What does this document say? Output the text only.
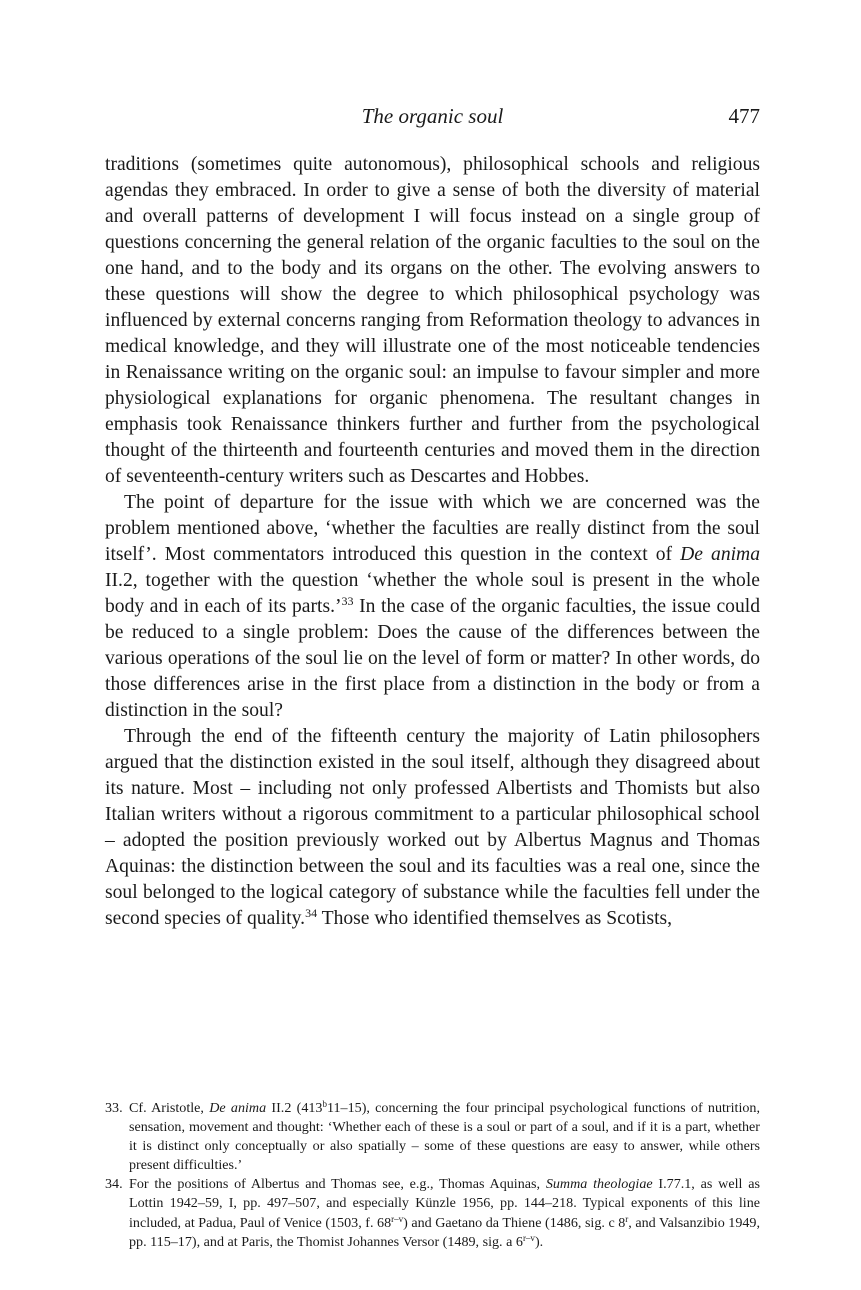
The organic soul	477

traditions (sometimes quite autonomous), philosophical schools and religious agendas they embraced. In order to give a sense of both the diversity of material and overall patterns of development I will focus instead on a single group of questions concerning the general relation of the organic faculties to the soul on the one hand, and to the body and its organs on the other. The evolving answers to these questions will show the degree to which philosophical psychology was influenced by external concerns ranging from Reformation theology to advances in medical knowledge, and they will illustrate one of the most noticeable tendencies in Renaissance writing on the organic soul: an impulse to favour simpler and more physiological explanations for organic phenomena. The resultant changes in emphasis took Renaissance thinkers further and further from the psychological thought of the thirteenth and fourteenth centuries and moved them in the direction of seventeenth-century writers such as Descartes and Hobbes.

The point of departure for the issue with which we are concerned was the problem mentioned above, ‘whether the faculties are really distinct from the soul itself’. Most commentators introduced this question in the context of De anima II.2, together with the question ‘whether the whole soul is present in the whole body and in each of its parts.’$^{33}$ In the case of the organic faculties, the issue could be reduced to a single problem: Does the cause of the differences between the various operations of the soul lie on the level of form or matter? In other words, do those differences arise in the first place from a distinction in the body or from a distinction in the soul?

Through the end of the fifteenth century the majority of Latin philosophers argued that the distinction existed in the soul itself, although they disagreed about its nature. Most – including not only professed Albertists and Thomists but also Italian writers without a rigorous commitment to a particular philosophical school – adopted the position previously worked out by Albertus Magnus and Thomas Aquinas: the distinction between the soul and its faculties was a real one, since the soul belonged to the logical category of substance while the faculties fell under the second species of quality.$^{34}$ Those who identified themselves as Scotists,

33. Cf. Aristotle, De anima II.2 (413$^b$11–15), concerning the four principal psychological functions of nutrition, sensation, movement and thought: ‘Whether each of these is a soul or part of a soul, and if it is a part, whether it is distinct only conceptually or also spatially – some of these questions are easy to answer, while others present difficulties.’
34. For the positions of Albertus and Thomas see, e.g., Thomas Aquinas, Summa theologiae I.77.1, as well as Lottin 1942–59, I, pp. 497–507, and especially Künzle 1956, pp. 144–218. Typical exponents of this line included, at Padua, Paul of Venice (1503, f. 68$^{r-v}$) and Gaetano da Thiene (1486, sig. c 8$^r$, and Valsanzibio 1949, pp. 115–17), and at Paris, the Thomist Johannes Versor (1489, sig. a 6$^{r-v}$).
